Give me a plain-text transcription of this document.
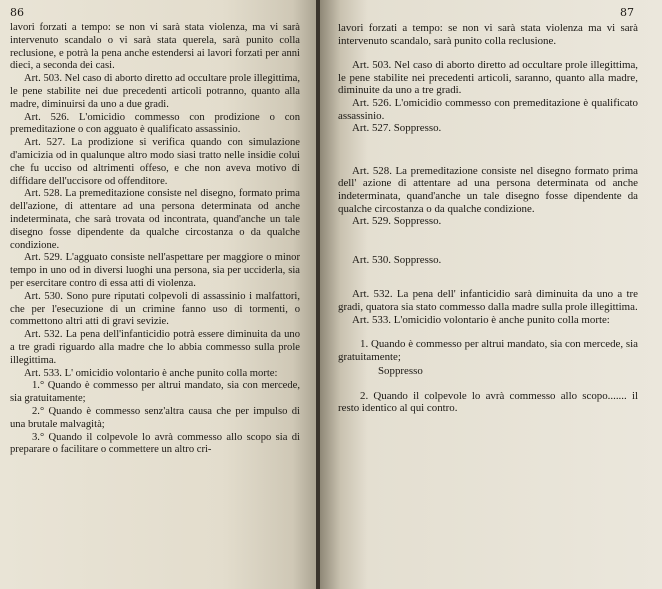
86

lavori forzati a tempo: se non vi sarà stata violenza, ma vi sarà intervenuto scandalo o vi sarà stata querela, sarà punito colla reclusione, e potrà la pena anche estendersi ai lavori forzati per anni dieci, a seconda dei casi.

Art. 503. Nel caso di aborto diretto ad occultare prole illegittima, le pene stabilite nei due precedenti articoli potranno, quanto alla madre, diminuirsi da uno a due gradi.

Art. 526. L'omicidio commesso con prodizione o con premeditazione o con agguato è qualificato assassinio.

Art. 527. La prodizione si verifica quando con simulazione d'amicizia od in qualunque altro modo siasi tratto nelle insidie colui che fu ucciso od altrimenti offeso, e che non aveva motivo di diffidare dell'uccisore od offenditore.

Art. 528. La premeditazione consiste nel disegno, formato prima dell'azione, di attentare ad una persona determinata od anche indeterminata, che sarà trovata od incontrata, quand'anche un tale disegno fosse dipendente da qualche circostanza o da qualche condizione.

Art. 529. L'agguato consiste nell'aspettare per maggiore o minor tempo in uno od in diversi luoghi una persona, sia per ucciderla, sia per esercitare contro di essa atti di violenza.

Art. 530. Sono pure riputati colpevoli di assassinio i malfattori, che per l'esecuzione di un crimine fanno uso di tormenti, o commettono altri atti di gravi sevizie.

Art. 532. La pena dell'infanticidio potrà essere diminuita da uno a tre gradi riguardo alla madre che lo abbia commesso sulla prole illegittima.

Art. 533. L' omicidio volontario è anche punito colla morte:

1.° Quando è commesso per altrui mandato, sia con mercede, sia gratuitamente;

2.° Quando è commesso senz'altra causa che per impulso di una brutale malvagità;

3.° Quando il colpevole lo avrà commesso allo scopo sia di preparare o facilitare o commettere un altro cri-

87

lavori forzati a tempo: se non vi sarà stata violenza ma vi sarà intervenuto scandalo, sarà punito colla reclusione.

Art. 503. Nel caso di aborto diretto ad occultare prole illegittima, le pene stabilite nei precedenti articoli, saranno, quanto alla madre, diminuite da uno a tre gradi.

Art. 526. L'omicidio commesso con premeditazione è qualificato assassinio.

Art. 527. Soppresso.

Art. 528. La premeditazione consiste nel disegno formato prima dell' azione di attentare ad una persona determinata od anche indeterminata, quand'anche un tale disegno fosse dipendente da qualche circostanza o da qualche condizione.

Art. 529. Soppresso.

Art. 530. Soppresso.

Art. 532. La pena dell' infanticidio sarà diminuita da uno a tre gradi, quatora sia stato commesso dalla madre sulla prole illegittima.

Art. 533. L'omicidio volontario è anche punito colla morte:

1. Quando è commesso per altrui mandato, sia con mercede, sia gratuitamente;

Soppresso

2. Quando il colpevole lo avrà commesso allo scopo....... il resto identico al qui contro.
